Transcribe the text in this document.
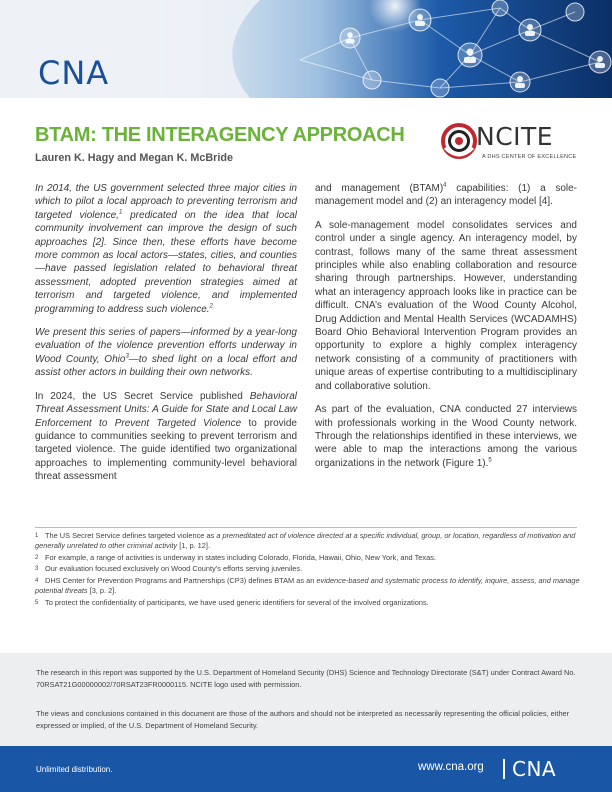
CNA
BTAM: THE INTERAGENCY APPROACH
Lauren K. Hagy and Megan K. McBride
NCITE
A DHS CENTER OF EXCELLENCE

In 2014, the US government selected three major cities in which to pilot a local approach to preventing terrorism and targeted violence,$^1$ predicated on the idea that local community involvement can improve the design of such approaches [2]. Since then, these efforts have become more common as local actors—states, cities, and counties—have passed legislation related to behavioral threat assessment, adopted prevention strategies aimed at terrorism and targeted violence, and implemented programming to address such violence.$^2$

We present this series of papers—informed by a year-long evaluation of the violence prevention efforts underway in Wood County, Ohio$^3$—to shed light on a local effort and assist other actors in building their own networks.

In 2024, the US Secret Service published Behavioral Threat Assessment Units: A Guide for State and Local Law Enforcement to Prevent Targeted Violence to provide guidance to communities seeking to prevent terrorism and targeted violence. The guide identified two organizational approaches to implementing community-level behavioral threat assessment

and management (BTAM)$^4$ capabilities: (1) a sole-management model and (2) an interagency model [4].

A sole-management model consolidates services and control under a single agency. An interagency model, by contrast, follows many of the same threat assessment principles while also enabling collaboration and resource sharing through partnerships. However, understanding what an interagency approach looks like in practice can be difficult. CNA’s evaluation of the Wood County Alcohol, Drug Addiction and Mental Health Services (WCADAMHS) Board Ohio Behavioral Intervention Program provides an opportunity to explore a highly complex interagency network consisting of a community of practitioners with unique areas of expertise contributing to a multidisciplinary and collaborative solution.

As part of the evaluation, CNA conducted 27 interviews with professionals working in the Wood County network. Through the relationships identified in these interviews, we were able to map the interactions among the various organizations in the network (Figure 1).$^5$

1 The US Secret Service defines targeted violence as a premeditated act of violence directed at a specific individual, group, or location, regardless of motivation and generally unrelated to other criminal activity [1, p. 12].
2 For example, a range of activities is underway in states including Colorado, Florida, Hawaii, Ohio, New York, and Texas.
3 Our evaluation focused exclusively on Wood County’s efforts serving juveniles.
4 DHS Center for Prevention Programs and Partnerships (CP3) defines BTAM as an evidence-based and systematic process to identify, inquire, assess, and manage potential threats [3, p. 2].
5 To protect the confidentiality of participants, we have used generic identifiers for several of the involved organizations.

The research in this report was supported by the U.S. Department of Homeland Security (DHS) Science and Technology Directorate (S&T) under Contract Award No. 70RSAT21G00000002/70RSAT23FR0000115. NCITE logo used with permission.

The views and conclusions contained in this document are those of the authors and should not be interpreted as necessarily representing the official policies, either expressed or implied, of the U.S. Department of Homeland Security.

Unlimited distribution.	www.cna.org CNA
